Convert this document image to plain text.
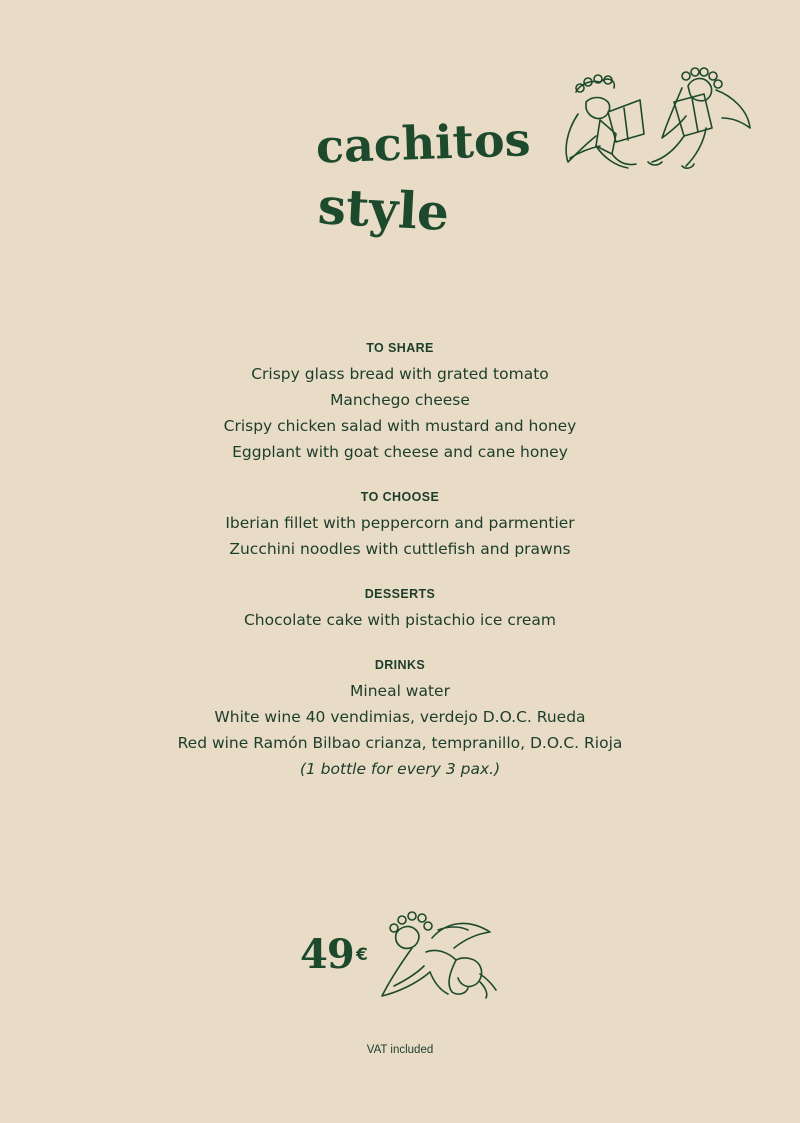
cachitos
style
TO SHARE
Crispy glass bread with grated tomato
Manchego cheese
Crispy chicken salad with mustard and honey
Eggplant with goat cheese and cane honey
TO CHOOSE
Iberian fillet with peppercorn and parmentier
Zucchini noodles with cuttlefish and prawns
DESSERTS
Chocolate cake with pistachio ice cream
DRINKS
Mineal water
White wine 40 vendimias, verdejo D.O.C. Rueda
Red wine Ramón Bilbao crianza, tempranillo, D.O.C. Rioja
(1 bottle for every 3 pax.)
49 €
VAT included
